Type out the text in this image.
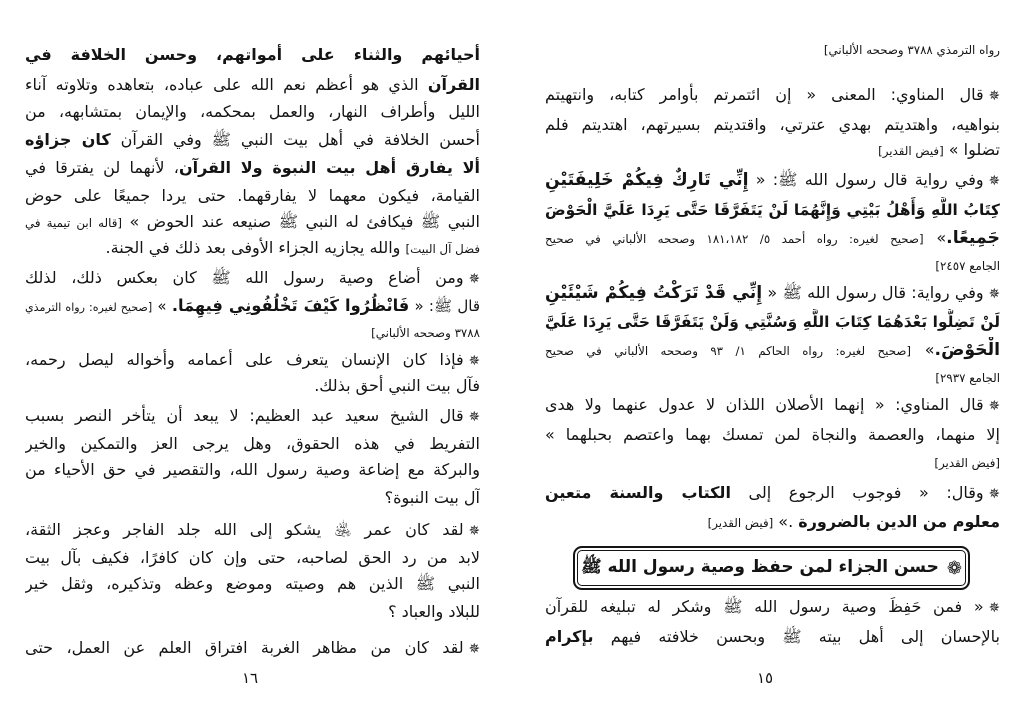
رواه الترمذي ٣٧٨٨ وصححه الألباني]
✵قال المناوي: المعنى « إن ائتمرتم بأوامر كتابه، وانتهيتم
بنواهيه، واهتديتم بهدي عترتي، واقتديتم بسيرتهم، اهتديتم فلم
تضلوا » [فيض القدير]
✵وفي رواية قال رسول الله ﷺ: « إِنِّي تَارِكٌ فِيكُمْ خَلِيفَتَيْنِ
كِتَابُ اللَّهِ وَأَهْلُ بَيْتِي وَإِنَّهُمَا لَنْ يَتَفَرَّقَا حَتَّى يَرِدَا عَلَيَّ الْحَوْضَ
جَمِيعًا.» [صحيح لغيره: رواه أحمد ٥/ ١٨١،١٨٢ وصححه الألباني في صحيح
الجامع ٢٤٥٧]
✵وفي رواية: قال رسول الله ﷺ « إِنِّي قَدْ تَرَكْتُ فِيكُمْ شَيْئَيْنِ
لَنْ تَضِلُّوا بَعْدَهُمَا كِتَابَ اللَّهِ وَسُنَّتِي وَلَنْ يَتَفَرَّقَا حَتَّى يَرِدَا عَلَيَّ
الْحَوْضَ.» [صحيح لغيره: رواه الحاكم ١/ ٩٣ وصححه الألباني في صحيح
الجامع ٢٩٣٧]
✵قال المناوي: « إنهما الأصلان اللذان لا عدول عنهما ولا هدى
إلا منهما، والعصمة والنجاة لمن تمسك بهما واعتصم بحبلهما »
[فيض القدير]
✵وقال: « فوجوب الرجوع إلى الكتاب والسنة متعين
معلوم من الدين بالضرورة .» [فيض القدير]
❁
حسن الجزاء لمن حفظ وصية رسول الله ﷺ
✵« فمن حَفِظَ وصية رسول الله ﷺ وشكر له تبليغه للقرآن
بالإحسان إلى أهل بيته ﷺ وبحسن خلافته فيهم بإكرام
١٥
أحيائهم والثناء على أمواتهم، وحسن الخلافة في
القرآن الذي هو أعظم نعم الله على عباده، بتعاهده وتلاوته آناء
الليل وأطراف النهار، والعمل بمحكمه، والإيمان بمتشابهه، من
أحسن الخلافة في أهل بيت النبي ﷺ وفي القرآن كان جزاؤه
ألا يفارق أهل بيت النبوة ولا القرآن، لأنهما لن يفترقا في
القيامة، فيكون معهما لا يفارقهما. حتى يردا جميعًا على حوض
النبي ﷺ فيكافئ له النبي ﷺ صنيعه عند الحوض » [قاله ابن تيمية في
فضل آل البيت] والله يجازيه الجزاء الأوفى بعد ذلك في الجنة.
✵ومن أضاع وصية رسول الله ﷺ كان بعكس ذلك، لذلك
قال ﷺ: « فَانْظُرُوا كَيْفَ تَخْلُفُونِي فِيهِمَا. » [صحيح لغيره: رواه الترمذي
٣٧٨٨ وصححه الألباني]
✵فإذا كان الإنسان يتعرف على أعمامه وأخواله ليصل رحمه،
فآل بيت النبي أحق بذلك.
✵قال الشيخ سعيد عبد العظيم: لا يبعد أن يتأخر النصر بسبب
التفريط في هذه الحقوق، وهل يرجى العز والتمكين والخير
والبركة مع إضاعة وصية رسول الله، والتقصير في حق الأحياء من
آل بيت النبوة؟
✵لقد كان عمر ﵁ يشكو إلى الله جلد الفاجر وعجز الثقة،
لابد من رد الحق لصاحبه، حتى وإن كان كافرًا، فكيف بآل بيت
النبي ﷺ الذين هم وصيته وموضع وعظه وتذكيره، وثقل خير
للبلاد والعباد ؟
✵لقد كان من مظاهر الغربة افتراق العلم عن العمل، حتى
١٦
